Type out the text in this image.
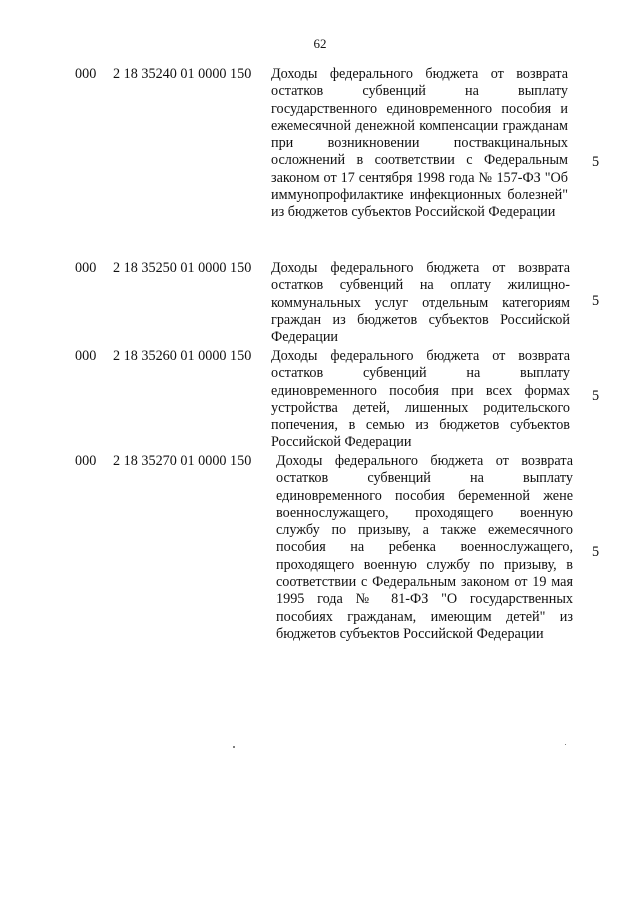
62
000 2 18 35240 01 0000 150 Доходы федерального бюджета от возврата остатков субвенций на выплату государственного единовременного пособия и ежемесячной денежной компенсации гражданам при возникновении поствакцинальных осложнений в соответствии с Федеральным законом от 17 сентября 1998 года № 157-ФЗ "Об иммунопрофилактике инфекционных болезней" из бюджетов субъектов Российской Федерации
5
000 2 18 35250 01 0000 150 Доходы федерального бюджета от возврата остатков субвенций на оплату жилищно-коммунальных услуг отдельным категориям граждан из бюджетов субъектов Российской Федерации
5
000 2 18 35260 01 0000 150 Доходы федерального бюджета от возврата остатков субвенций на выплату единовременного пособия при всех формах устройства детей, лишенных родительского попечения, в семью из бюджетов субъектов Российской Федерации
5
000 2 18 35270 01 0000 150 Доходы федерального бюджета от возврата остатков субвенций на выплату единовременного пособия беременной жене военнослужащего, проходящего военную службу по призыву, а также ежемесячного пособия на ребенка военнослужащего, проходящего военную службу по призыву, в соответствии с Федеральным законом от 19 мая 1995 года № 81-ФЗ "О государственных пособиях гражданам, имеющим детей" из бюджетов субъектов Российской Федерации
5
